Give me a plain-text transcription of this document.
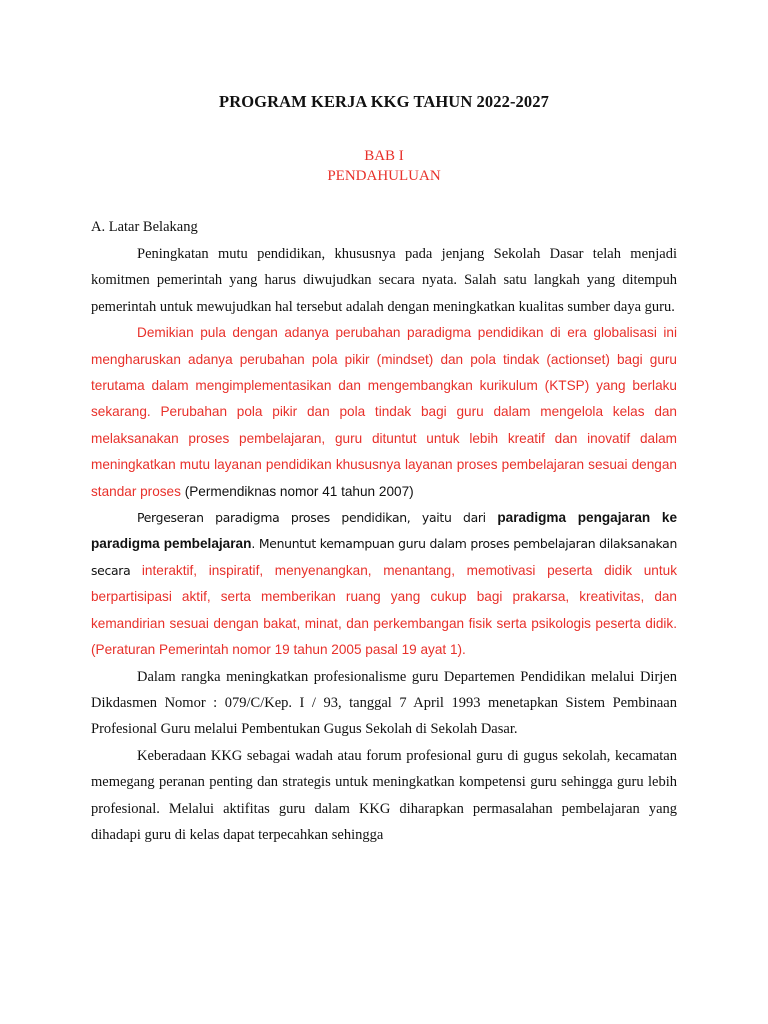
PROGRAM KERJA KKG TAHUN 2022-2027
BAB I
PENDAHULUAN
A. Latar Belakang

Peningkatan mutu pendidikan, khususnya pada jenjang Sekolah Dasar telah menjadi komitmen pemerintah yang harus diwujudkan secara nyata. Salah satu langkah yang ditempuh pemerintah untuk mewujudkan hal tersebut adalah dengan meningkatkan kualitas sumber daya guru.

Demikian pula dengan adanya perubahan paradigma pendidikan di era globalisasi ini mengharuskan adanya perubahan pola pikir (mindset) dan pola tindak (actionset) bagi guru terutama dalam mengimplementasikan dan mengembangkan kurikulum (KTSP) yang berlaku sekarang. Perubahan pola pikir dan pola tindak bagi guru dalam mengelola kelas dan melaksanakan proses pembelajaran, guru dituntut untuk lebih kreatif dan inovatif dalam meningkatkan mutu layanan pendidikan khususnya layanan proses pembelajaran sesuai dengan standar proses (Permendiknas nomor 41 tahun 2007)

Pergeseran paradigma proses pendidikan, yaitu dari paradigma pengajaran ke paradigma pembelajaran. Menuntut kemampuan guru dalam proses pembelajaran dilaksanakan secara interaktif, inspiratif, menyenangkan, menantang, memotivasi peserta didik untuk berpartisipasi aktif, serta memberikan ruang yang cukup bagi prakarsa, kreativitas, dan kemandirian sesuai dengan bakat, minat, dan perkembangan fisik serta psikologis peserta didik. (Peraturan Pemerintah nomor 19 tahun 2005 pasal 19 ayat 1).

Dalam rangka meningkatkan profesionalisme guru Departemen Pendidikan melalui Dirjen Dikdasmen Nomor : 079/C/Kep. I / 93, tanggal 7 April 1993 menetapkan Sistem Pembinaan Profesional Guru melalui Pembentukan Gugus Sekolah di Sekolah Dasar.

Keberadaan KKG sebagai wadah atau forum profesional guru di gugus sekolah, kecamatan memegang peranan penting dan strategis untuk meningkatkan kompetensi guru sehingga guru lebih profesional. Melalui aktifitas guru dalam KKG diharapkan permasalahan pembelajaran yang dihadapi guru di kelas dapat terpecahkan sehingga
